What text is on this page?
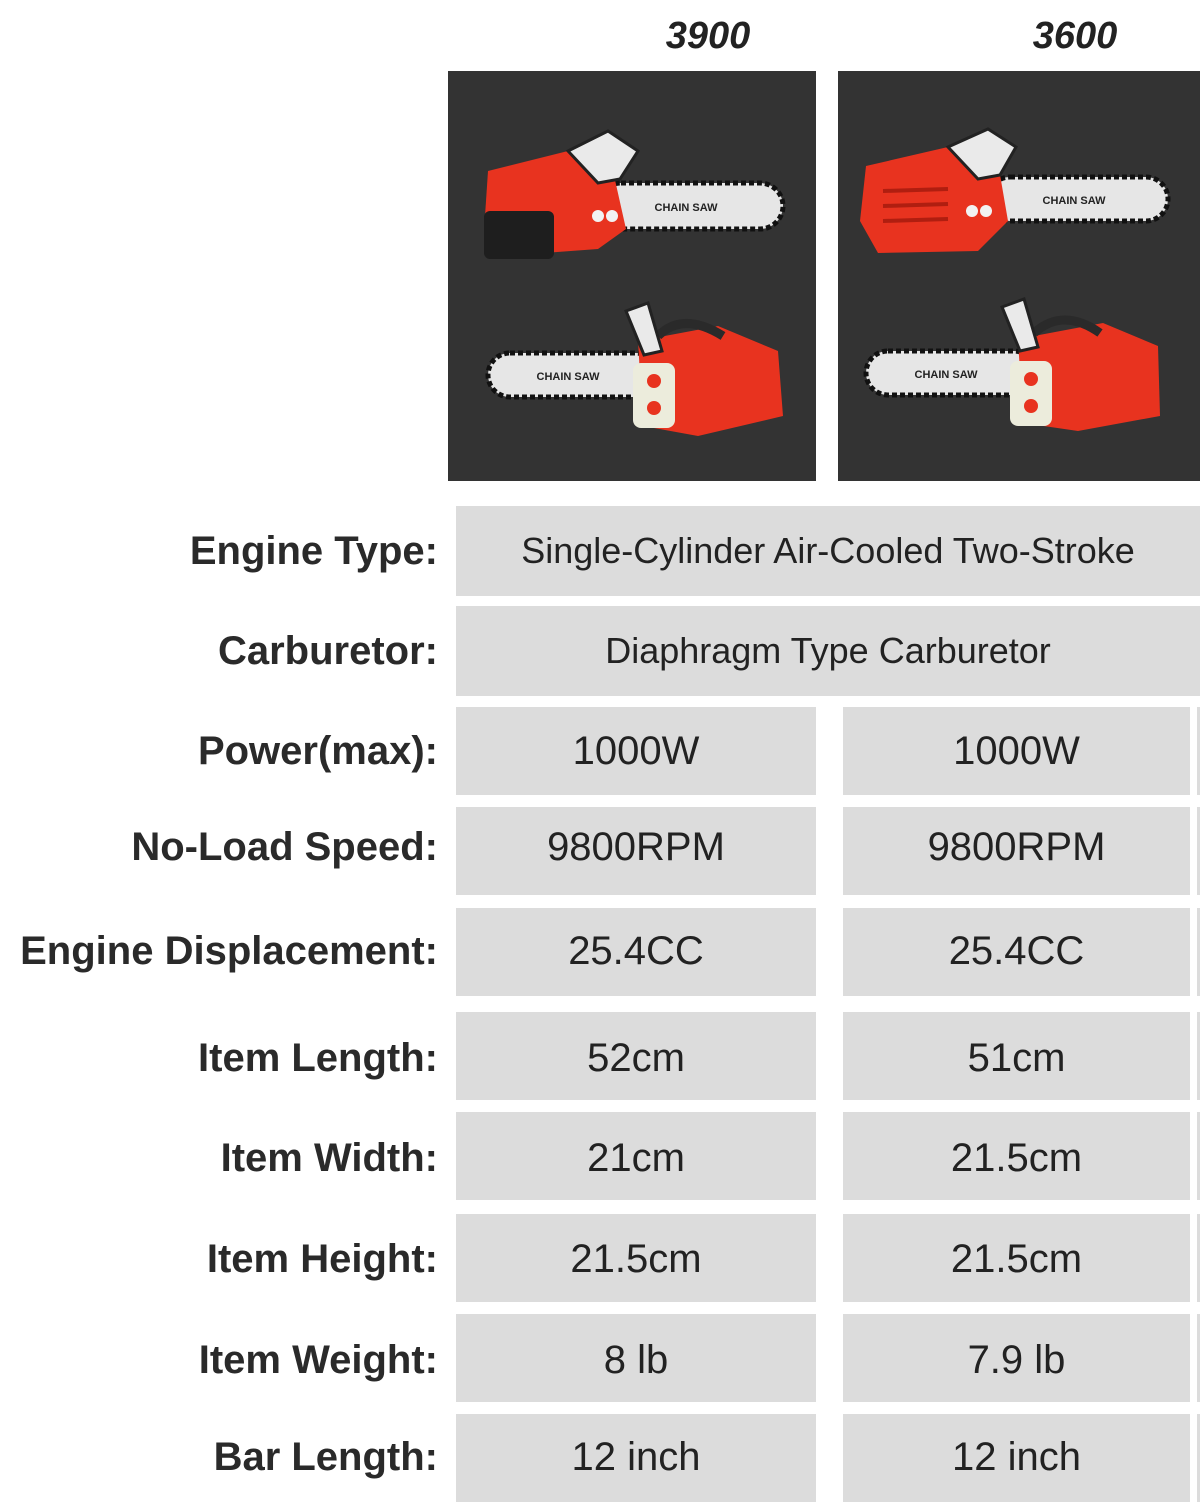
3900	3600
CHAIN SAW
CHAIN SAW
CHAIN SAW
CHAIN SAW
Engine Type:	Single-Cylinder Air-Cooled Two-Stroke
Carburetor:	Diaphragm Type Carburetor
Power(max):	1000W	1000W
No-Load Speed:	9800RPM	9800RPM
Engine Displacement:	25.4CC	25.4CC
Item Length:	52cm	51cm
Item Width:	21cm	21.5cm
Item Height:	21.5cm	21.5cm
Item Weight:	8 lb	7.9 lb
Bar Length:	12 inch	12 inch
